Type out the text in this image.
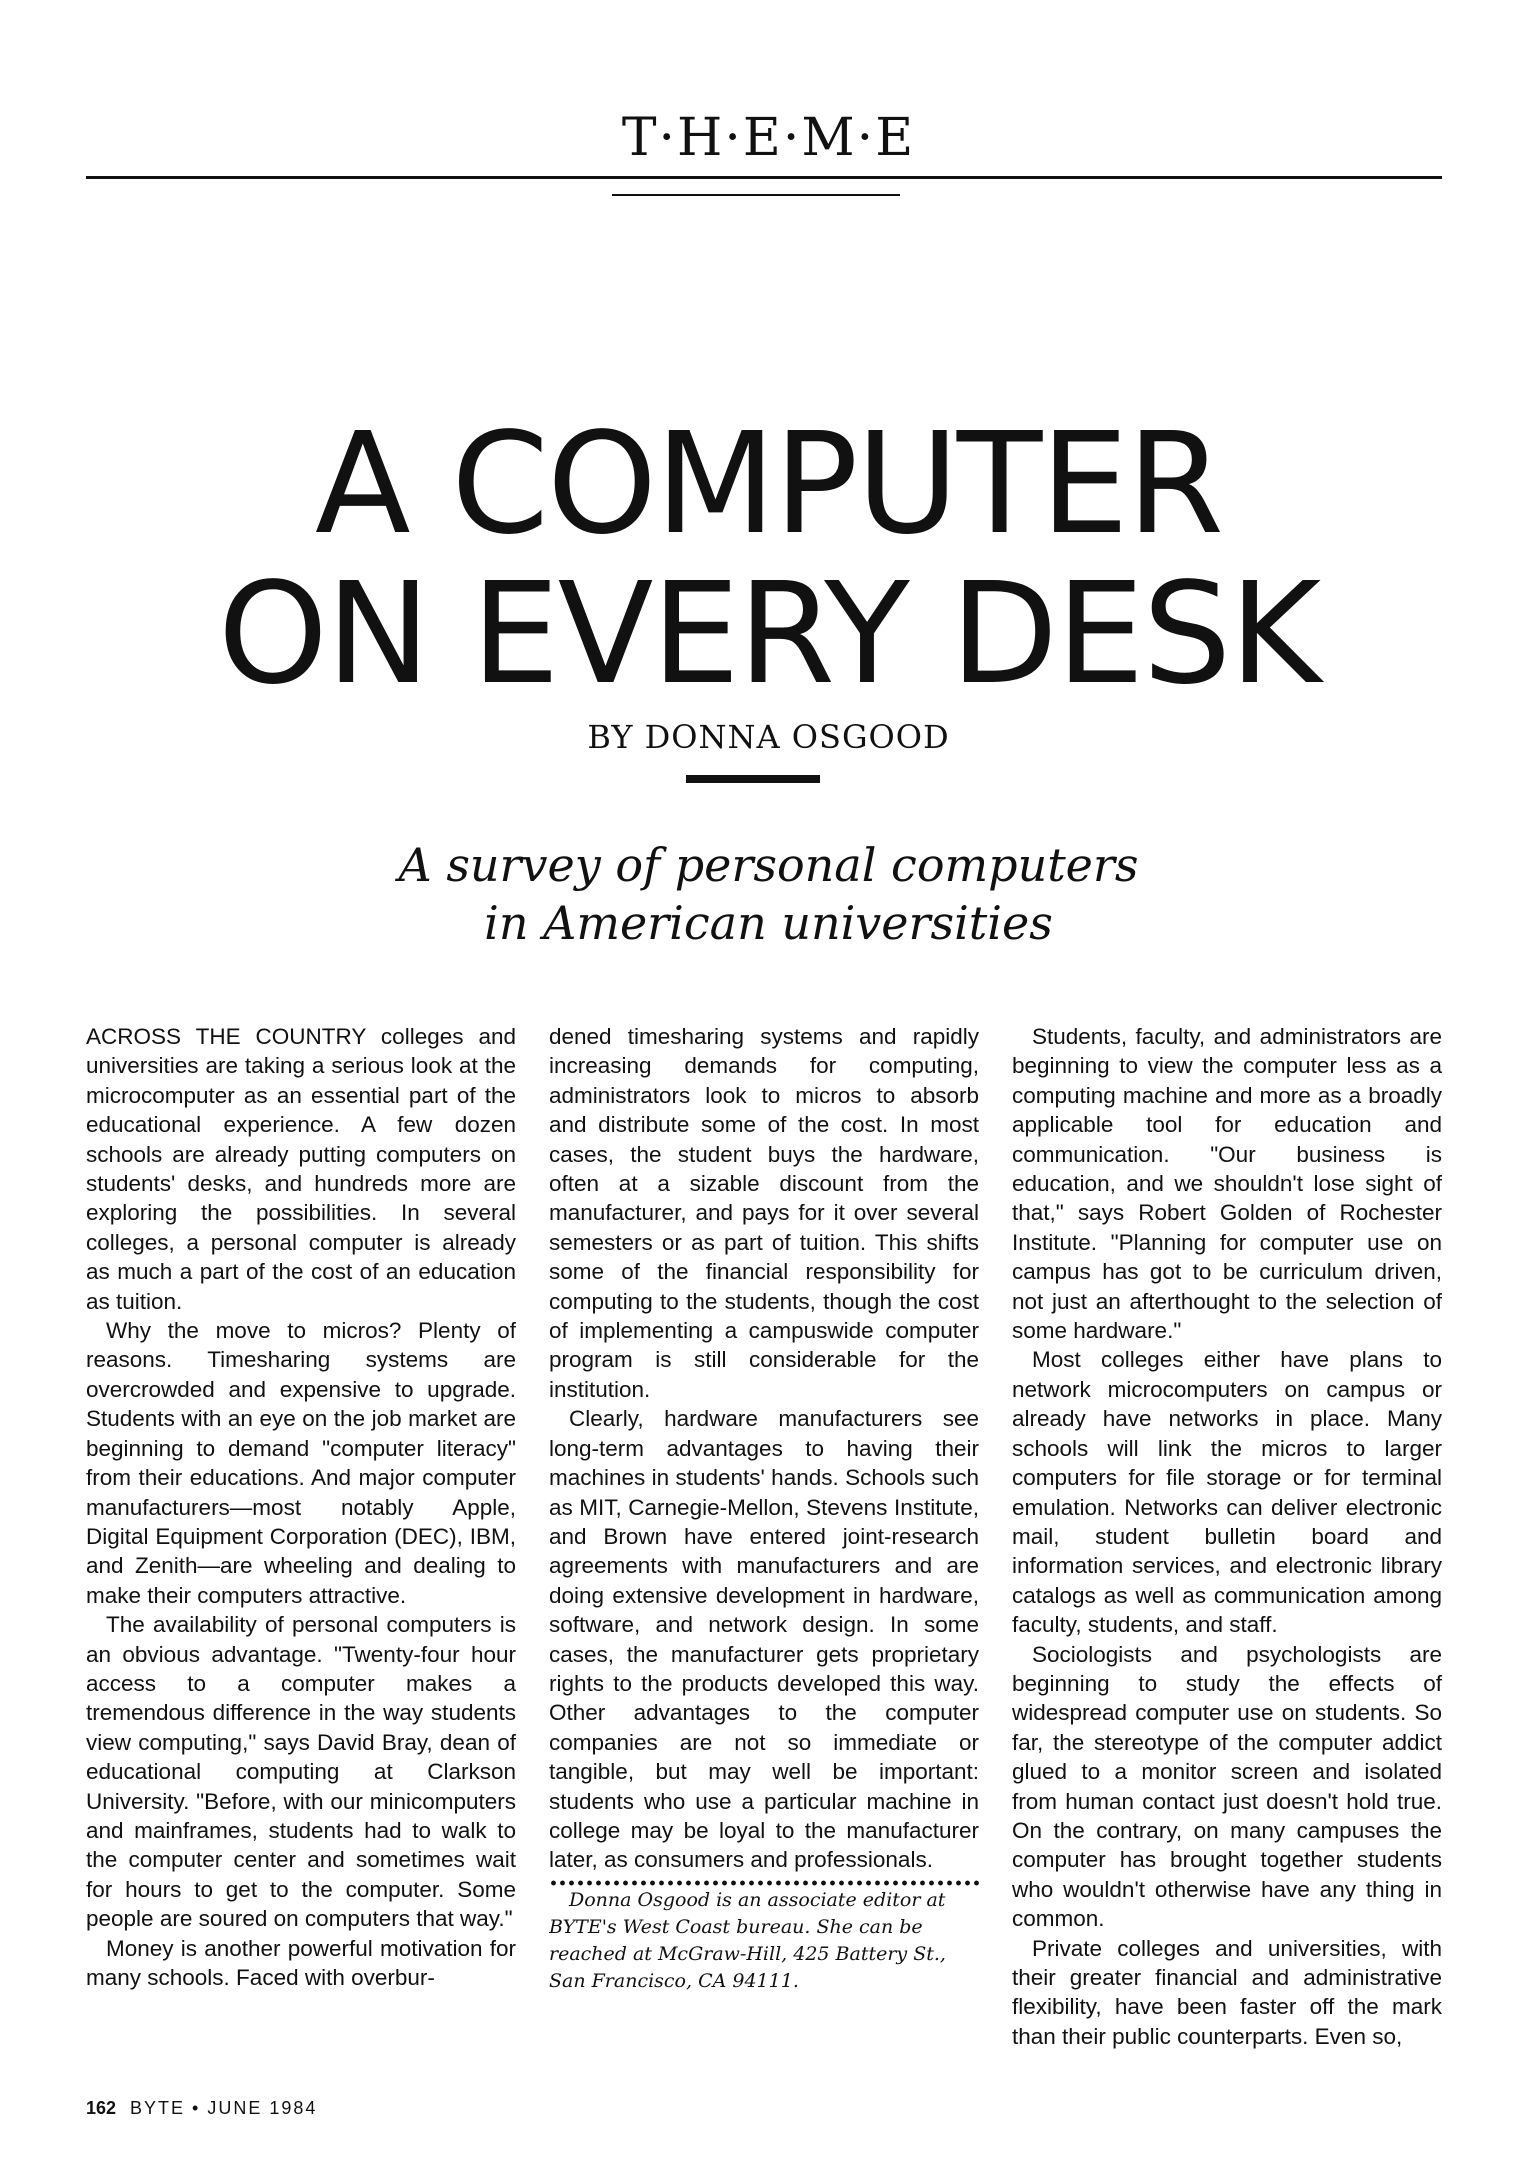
T·H·E·M·E
A COMPUTER
ON EVERY DESK
BY DONNA OSGOOD
A survey of personal computers
in American universities

ACROSS THE COUNTRY colleges and universities are taking a serious look at the microcomputer as an essential part of the educational experience. A few dozen schools are already putting computers on students' desks, and hundreds more are exploring the possibilities. In several colleges, a personal computer is already as much a part of the cost of an education as tuition.

Why the move to micros? Plenty of reasons. Timesharing systems are overcrowded and expensive to upgrade. Students with an eye on the job market are beginning to demand "computer literacy" from their educations. And major computer manufacturers—most notably Apple, Digital Equipment Corporation (DEC), IBM, and Zenith—are wheeling and dealing to make their computers attractive.

The availability of personal computers is an obvious advantage. "Twenty-four hour access to a computer makes a tremendous difference in the way students view computing," says David Bray, dean of educational computing at Clarkson University. "Before, with our minicomputers and mainframes, students had to walk to the computer center and sometimes wait for hours to get to the computer. Some people are soured on computers that way."

Money is another powerful motivation for many schools. Faced with overbur-

dened timesharing systems and rapidly increasing demands for computing, administrators look to micros to absorb and distribute some of the cost. In most cases, the student buys the hardware, often at a sizable discount from the manufacturer, and pays for it over several semesters or as part of tuition. This shifts some of the financial responsibility for computing to the students, though the cost of implementing a campuswide computer program is still considerable for the institution.

Clearly, hardware manufacturers see long-term advantages to having their machines in students' hands. Schools such as MIT, Carnegie-Mellon, Stevens Institute, and Brown have entered joint-research agreements with manufacturers and are doing extensive development in hardware, software, and network design. In some cases, the manufacturer gets proprietary rights to the products developed this way. Other advantages to the computer companies are not so immediate or tangible, but may well be important: students who use a particular machine in college may be loyal to the manufacturer later, as consumers and professionals.

Donna Osgood is an associate editor at BYTE's West Coast bureau. She can be reached at McGraw-Hill, 425 Battery St., San Francisco, CA 94111.

Students, faculty, and administrators are beginning to view the computer less as a computing machine and more as a broadly applicable tool for education and communication. "Our business is education, and we shouldn't lose sight of that," says Robert Golden of Rochester Institute. "Planning for computer use on campus has got to be curriculum driven, not just an afterthought to the selection of some hardware."

Most colleges either have plans to network microcomputers on campus or already have networks in place. Many schools will link the micros to larger computers for file storage or for terminal emulation. Networks can deliver electronic mail, student bulletin board and information services, and electronic library catalogs as well as communication among faculty, students, and staff.

Sociologists and psychologists are beginning to study the effects of widespread computer use on students. So far, the stereotype of the computer addict glued to a monitor screen and isolated from human contact just doesn't hold true. On the contrary, on many campuses the computer has brought together students who wouldn't otherwise have any thing in common.

Private colleges and universities, with their greater financial and administrative flexibility, have been faster off the mark than their public counterparts. Even so,

162 BYTE • JUNE 1984
